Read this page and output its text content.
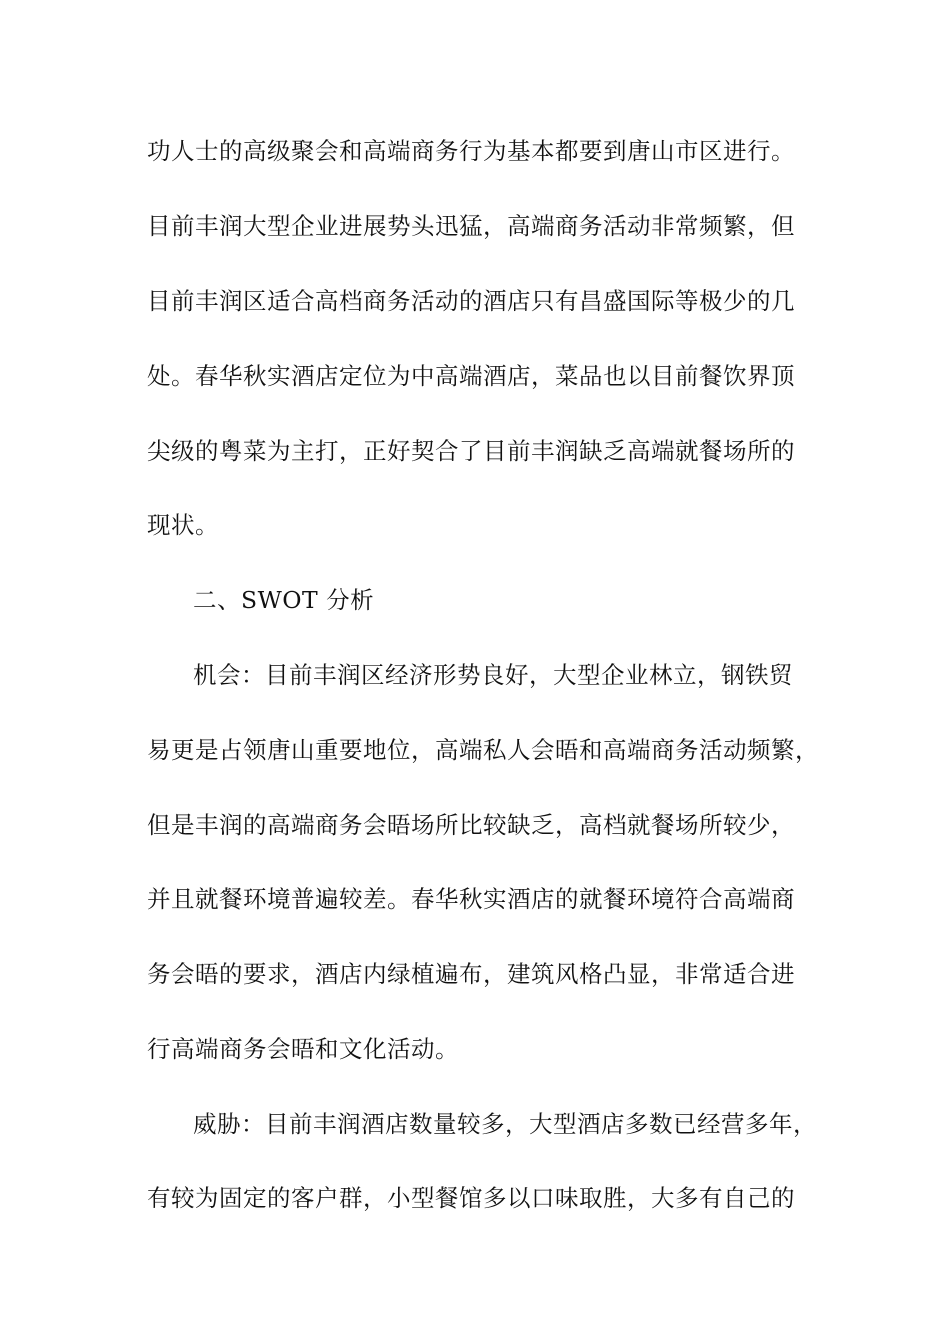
功人士的高级聚会和高端商务行为基本都要到唐山市区进行。

目前丰润大型企业进展势头迅猛，高端商务活动非常频繁，但

目前丰润区适合高档商务活动的酒店只有昌盛国际等极少的几

处。春华秋实酒店定位为中高端酒店，菜品也以目前餐饮界顶

尖级的粤菜为主打，正好契合了目前丰润缺乏高端就餐场所的

现状。

二、SWOT 分析

机会：目前丰润区经济形势良好，大型企业林立，钢铁贸

易更是占领唐山重要地位，高端私人会晤和高端商务活动频繁，

但是丰润的高端商务会晤场所比较缺乏，高档就餐场所较少，

并且就餐环境普遍较差。春华秋实酒店的就餐环境符合高端商

务会晤的要求，酒店内绿植遍布，建筑风格凸显，非常适合进

行高端商务会晤和文化活动。

威胁：目前丰润酒店数量较多，大型酒店多数已经营多年，

有较为固定的客户群，小型餐馆多以口味取胜，大多有自己的
